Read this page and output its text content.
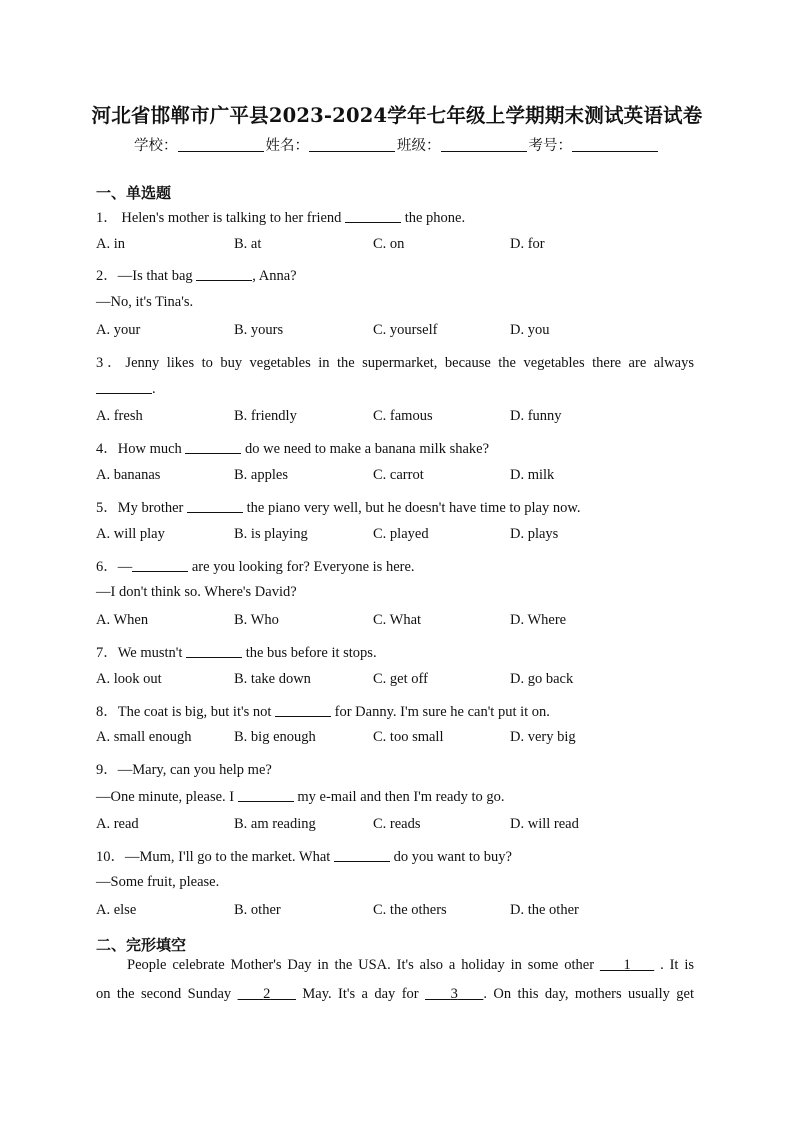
河北省邯郸市广平县2023-2024学年七年级上学期期末测试英语试卷
学校：	姓名：	班级：	考号：
一、单选题
1． Helen's mother is talking to her friend	the phone.
A. in	B. at	C. on	D. for
2．—Is that bag	, Anna?
—No, it's Tina's.
A. your	B. yours	C. yourself	D. you
3．Jenny likes to buy vegetables in the supermarket, because the vegetables there are always
.
A. fresh	B. friendly	C. famous	D. funny
4．How much	do we need to make a banana milk shake?
A. bananas	B. apples	C. carrot	D. milk
5．My brother	the piano very well, but he doesn't have time to play now.
A. will play	B. is playing	C. played	D. plays
6．—	are you looking for? Everyone is here.
—I don't think so. Where's David?
A. When	B. Who	C. What	D. Where
7．We mustn't	the bus before it stops.
A. look out	B. take down	C. get off	D. go back
8．The coat is big, but it's not	for Danny. I'm sure he can't put it on.
A. small enough	B. big enough	C. too small	D. very big
9．—Mary, can you help me?
—One minute, please. I	my e-mail and then I'm ready to go.
A. read	B. am reading	C. reads	D. will read
10．—Mum, I'll go to the market. What	do you want to buy?
—Some fruit, please.
A. else	B. other	C. the others	D. the other
二、完形填空
People celebrate Mother's Day in the USA. It's also a holiday in some other     1     . It is
on the second Sunday     2     May. It's a day for     3 . On this day, mothers usually get
